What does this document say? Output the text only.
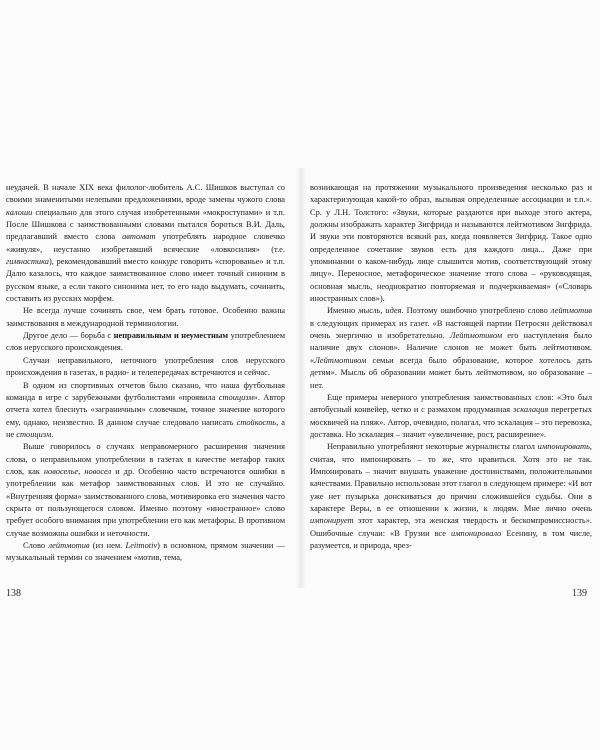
неудачей. В начале XIX века филолог-любитель А.С. Шишков выступал со своими знаменитыми нелепыми предложениями, вроде замены чужого слова калоши специально для этого случая изобретенными «мокроступами» и т.п. После Шишкова с заимствованными словами пытался бороться В.И. Даль, предлагавший вместо слова автомат употреблять народное словечко «живуля», неустанно изобретавший всяческие «ловкосилия» (т.е. гимнастика), рекомендовавший вместо конкурс говорить «спорованье» и т.п. Далю казалось, что каждое заимствованное слово имеет точный синоним в русском языке, а если такого синонима нет, то его надо выдумать, сочинить, составить из русских морфем.

Не всегда лучше сочинять свое, чем брать готовое. Особенно важны заимствования в международной терминологии.

Другое дело — борьба с неправильным и неуместным употреблением слов нерусского происхождения.

Случаи неправильного, неточного употребления слов нерусского происхождения в газетах, в радио- и телепередачах встречаются и сейчас.

В одном из спортивных отчетов было сказано, что наша футбольная команда в игре с зарубежными футболистами «проявила стоицизм». Автор отчета хотел блеснуть «заграничным» словечком, точное значение которого ему, однако, неизвестно. В данном случае следовало написать стойкость, а не стоицизм.

Выше говорилось о случаях неправомерного расширения значения слова, о неправильном употреблении в газетах в качестве метафор таких слов, как новоселье, новосел и др. Особенно часто встречаются ошибки в употреблении как метафор заимствованных слов. И это не случайно. «Внутренняя форма» заимствованного слова, мотивировка его значения часто скрыта от пользующегося словом. Именно поэтому «иностранное» слово требует особого внимания при употреблении его как метафоры. В противном случае возможны ошибки и неточности.

Слово лейтмотив (из нем. Leitmotiv) в основном, прямом значении — музыкальный термин со значением «мотив, тема,

138

возникающая на протяжении музыкального произведения несколько раз и характеризующая какой-то образ, вызывая определенные ассоциации и т.п.». Ср. у Л.Н. Толстого: «Звуки, которые раздаются при выходе этого актера, должны изображать характер Зигфрида и называются лейтмотивом Зигфрида. И звуки эти повторяются всякий раз, когда появляется Зигфрид. Такое одно определенное сочетание звуков есть для каждого лица... Даже при упоминании о каком-нибудь лице слышится мотив, соответствующий этому лицу». Переносное, метафорическое значение этого слова – «руководящая, основная мысль, неоднократно повторяемая и подчеркиваемая» («Словарь иностранных слов»).

Именно мысль, идея. Поэтому ошибочно употреблено слово лейтмотив в следующих примерах из газет. «В настоящей партии Петросян действовал очень энергично и изобретательно. Лейтмотивом его наступления было наличие двух слонов». Наличие слонов не может быть лейтмотивом. «Лейтмотивом семьи всегда было образование, которое хотелось дать детям». Мысль об образовании может быть лейтмотивом, но образование – нет.

Еще примеры неверного употребления заимствованных слов: «Это был автобусный конвейер, четко и с размахом продуманная эскалация перегретых москвичей на пляж». Автор, очевидно, полагал, что эскалация – это перевозка, доставка. Но эскалация – значит «увеличение, рост, расширение».

Неправильно употребляют некоторые журналисты глагол импонировать, считая, что импонировать – то же, что нравиться. Хотя это не так. Импонировать – значит внушать уважение достоинствами, положительными качествами. Правильно использован этот глагол в следующем примере: «И вот уже нет пузырька донскиваться до причин сложившейся судьбы. Они в характере Веры, в ее отношении к жизни, к людям. Мне лично очень импонирует этот характер, эта женская твердость и бескомпромиссность». Ошибочные случаи: «В Грузии все импонировало Есенину, в том числе, разумеется, и природа, чрез-

139
